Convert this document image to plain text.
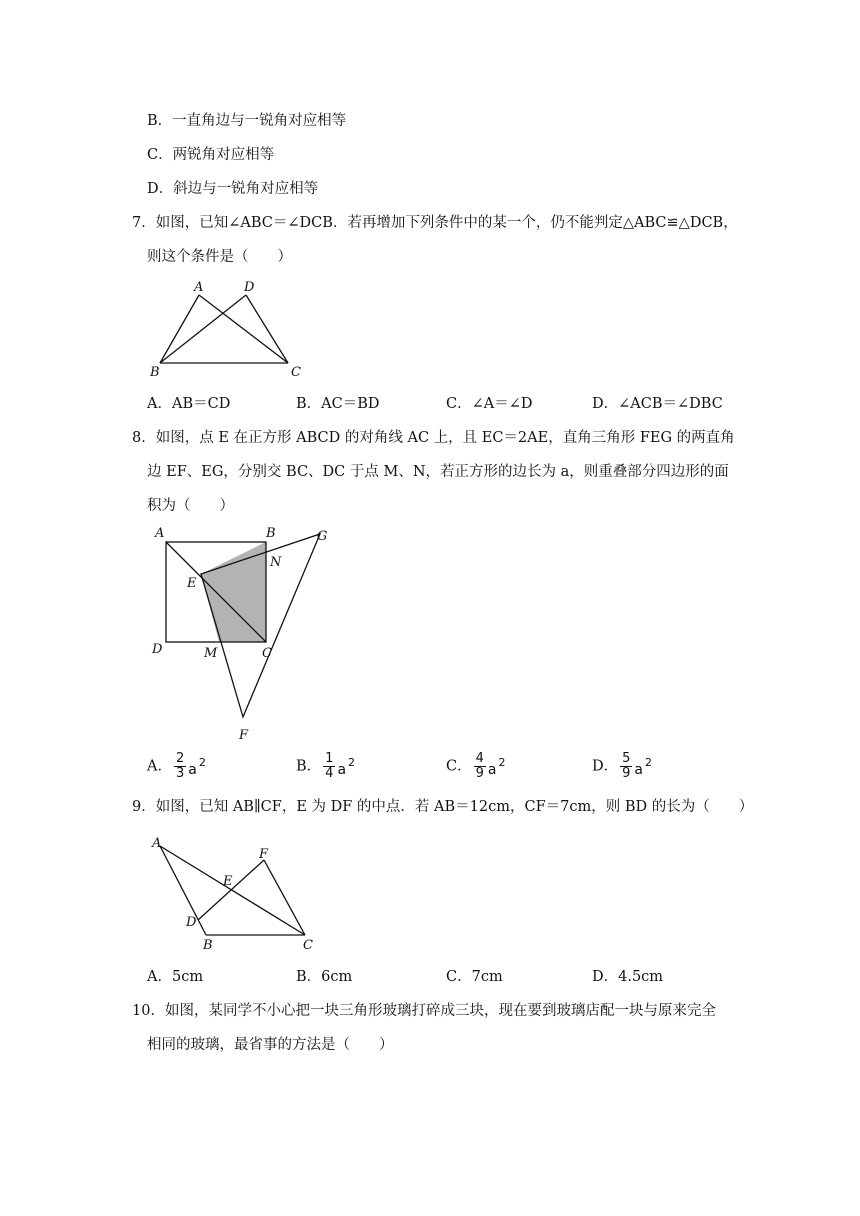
B．一直角边与一锐角对应相等
C．两锐角对应相等
D．斜边与一锐角对应相等
7．如图，已知∠ABC＝∠DCB．若再增加下列条件中的某一个，仍不能判定△ABC≌△DCB，
则这个条件是（　　）
A	D
B	C
A．AB＝CD	B．AC＝BD	C．∠A＝∠D	D．∠ACB＝∠DBC
8．如图，点 E 在正方形 ABCD 的对角线 AC 上，且 EC＝2AE，直角三角形 FEG 的两直角
边 EF、EG，分别交 BC、DC 于点 M、N，若正方形的边长为 a，则重叠部分四边形的面
积为（　　）
A	B	G
E
N
D	M	C
F
A． $\frac{2}{3}$ a $^2$	B． $\frac{1}{4}$ a $^2$	C． $\frac{4}{9}$ a $^2$	D． $\frac{5}{9}$ a $^2$
9．如图，已知 AB∥CF，E 为 DF 的中点．若 AB＝12cm，CF＝7cm，则 BD 的长为（　　）
A
F
E
D
B	C
A．5cm	B．6cm	C．7cm	D．4.5cm
10．如图，某同学不小心把一块三角形玻璃打碎成三块，现在要到玻璃店配一块与原来完全
相同的玻璃，最省事的方法是（　　）
